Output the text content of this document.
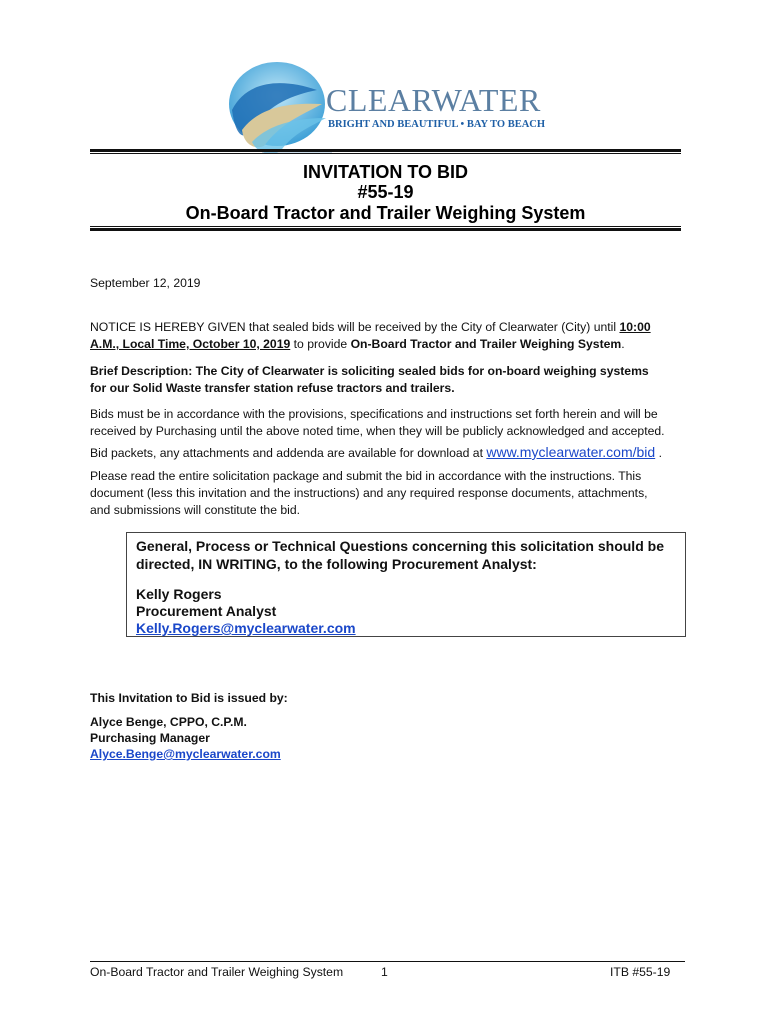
CLEARWATER
BRIGHT AND BEAUTIFUL • BAY TO BEACH
INVITATION TO BID
#55-19
On-Board Tractor and Trailer Weighing System
September 12, 2019
NOTICE IS HEREBY GIVEN that sealed bids will be received by the City of Clearwater (City) until 10:00
A.M., Local Time, October 10, 2019 to provide On-Board Tractor and Trailer Weighing System.
Brief Description: The City of Clearwater is soliciting sealed bids for on-board weighing systems
for our Solid Waste transfer station refuse tractors and trailers.
Bids must be in accordance with the provisions, specifications and instructions set forth herein and will be
received by Purchasing until the above noted time, when they will be publicly acknowledged and accepted.
Bid packets, any attachments and addenda are available for download at www.myclearwater.com/bid .
Please read the entire solicitation package and submit the bid in accordance with the instructions. This
document (less this invitation and the instructions) and any required response documents, attachments,
and submissions will constitute the bid.
General, Process or Technical Questions concerning this solicitation should be
directed, IN WRITING, to the following Procurement Analyst:
Kelly Rogers
Procurement Analyst
Kelly.Rogers@myclearwater.com
This Invitation to Bid is issued by:
Alyce Benge, CPPO, C.P.M.
Purchasing Manager
Alyce.Benge@myclearwater.com
On-Board Tractor and Trailer Weighing System	1	ITB #55-19
